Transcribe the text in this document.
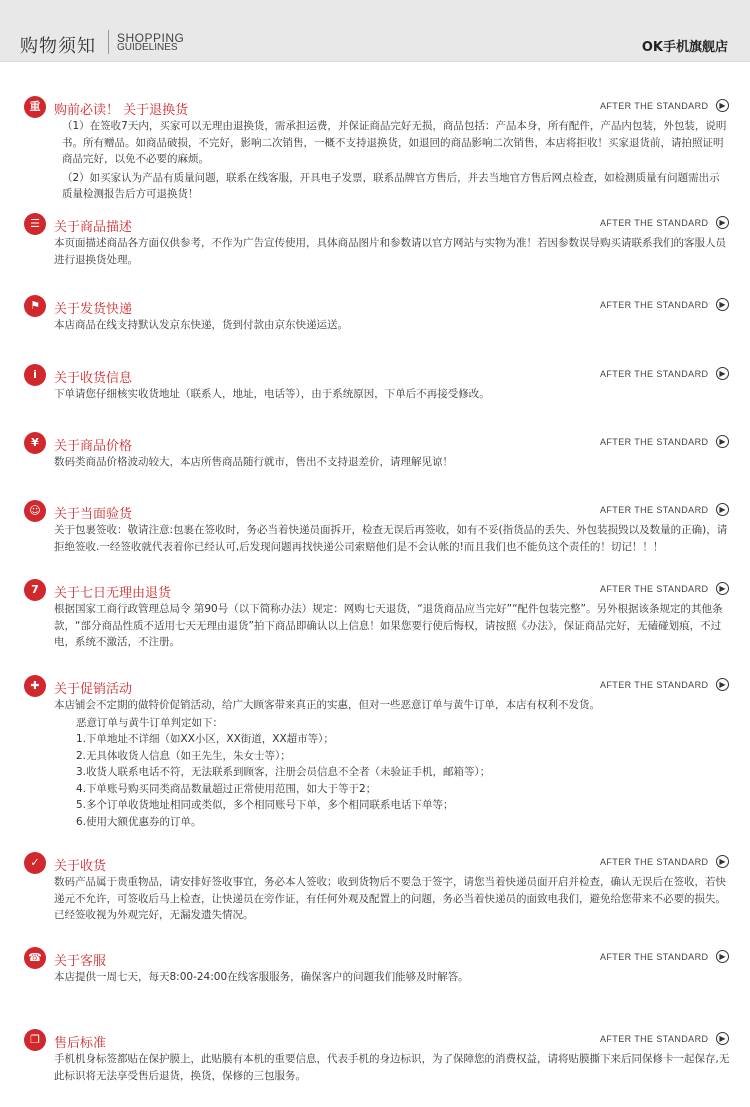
购物须知 SHOPPING
GUIDELINES	OK手机旗舰店
重	购前必读！ 关于退换货	AFTER THE STANDARD	▶

（1）在签收7天内，买家可以无理由退换货，需承担运费，并保证商品完好无损，商品包括：产品本身，所有配件，产品内包装，外包装，说明书。所有赠品。如商品破损，不完好，影响二次销售，一概不支持退换货，如退回的商品影响二次销售，本店将拒收！买家退货前，请拍照证明商品完好，以免不必要的麻烦。

（2）如买家认为产品有质量问题，联系在线客服，开具电子发票，联系品牌官方售后，并去当地官方售后网点检查，如检测质量有问题需出示质量检测报告后方可退换货！

☰	关于商品描述	AFTER THE STANDARD	▶

本页面描述商品各方面仅供参考，不作为广告宣传使用，具体商品图片和参数请以官方网站与实物为准！若因参数误导购买请联系我们的客服人员进行退换货处理。

⚑	关于发货快递	AFTER THE STANDARD	▶

本店商品在线支持默认发京东快递，货到付款由京东快递运送。

i	关于收货信息	AFTER THE STANDARD	▶

下单请您仔细核实收货地址（联系人，地址，电话等），由于系统原因，下单后不再接受修改。

¥	关于商品价格	AFTER THE STANDARD	▶

数码类商品价格波动较大，本店所售商品随行就市，售出不支持退差价，请理解见谅！

☺	关于当面验货	AFTER THE STANDARD	▶

关于包裹签收：敬请注意:包裹在签收时，务必当着快递员面拆开，检查无误后再签收，如有不妥(指货品的丢失、外包装损毁以及数量的正确)，请拒绝签收.一经签收就代表着你已经认可,后发现问题再找快递公司索赔他们是不会认帐的!而且我们也不能负这个责任的！切记！！！

7	关于七日无理由退货	AFTER THE STANDARD	▶

根据国家工商行政管理总局令 第90号（以下简称办法）规定：网购七天退货，“退货商品应当完好”“配件包装完整”。另外根据该条规定的其他条款，“部分商品性质不适用七天无理由退货”拍下商品即确认以上信息！如果您要行使后悔权，请按照《办法》，保证商品完好，无磕碰划痕，不过电，系统不激活，不注册。

✚	关于促销活动	AFTER THE STANDARD	▶

本店铺会不定期的做特价促销活动，给广大顾客带来真正的实惠，但对一些恶意订单与黄牛订单，本店有权利不发货。

恶意订单与黄牛订单判定如下：

1.下单地址不详细（如XX小区，XX街道，XX超市等）；

2.无具体收货人信息（如王先生，朱女士等）；

3.收货人联系电话不符，无法联系到顾客，注册会员信息不全者（未验证手机，邮箱等）；

4.下单账号购买同类商品数量超过正常使用范围，如大于等于2；

5.多个订单收货地址相同或类似，多个相同账号下单，多个相同联系电话下单等；

6.使用大额优惠券的订单。

✓	关于收货	AFTER THE STANDARD	▶

数码产品属于贵重物品，请安排好签收事宜，务必本人签收；收到货物后不要急于签字，请您当着快递员面开启并检查，确认无误后在签收，若快递元不允许，可签收后马上检查，让快递员在旁作证，有任何外观及配置上的问题，务必当着快递员的面致电我们，避免给您带来不必要的损失。已经签收视为外观完好，无漏发遗失情况。

☎ 关于客服	AFTER THE STANDARD	▶

本店提供一周七天，每天8:00-24:00在线客服服务，确保客户的问题我们能够及时解答。

❐	售后标准	AFTER THE STANDARD	▶

手机机身标签都贴在保护膜上，此贴膜有本机的重要信息，代表手机的身边标识，为了保障您的消费权益，请将贴膜撕下来后同保修卡一起保存,无此标识将无法享受售后退货，换货，保修的三包服务。
